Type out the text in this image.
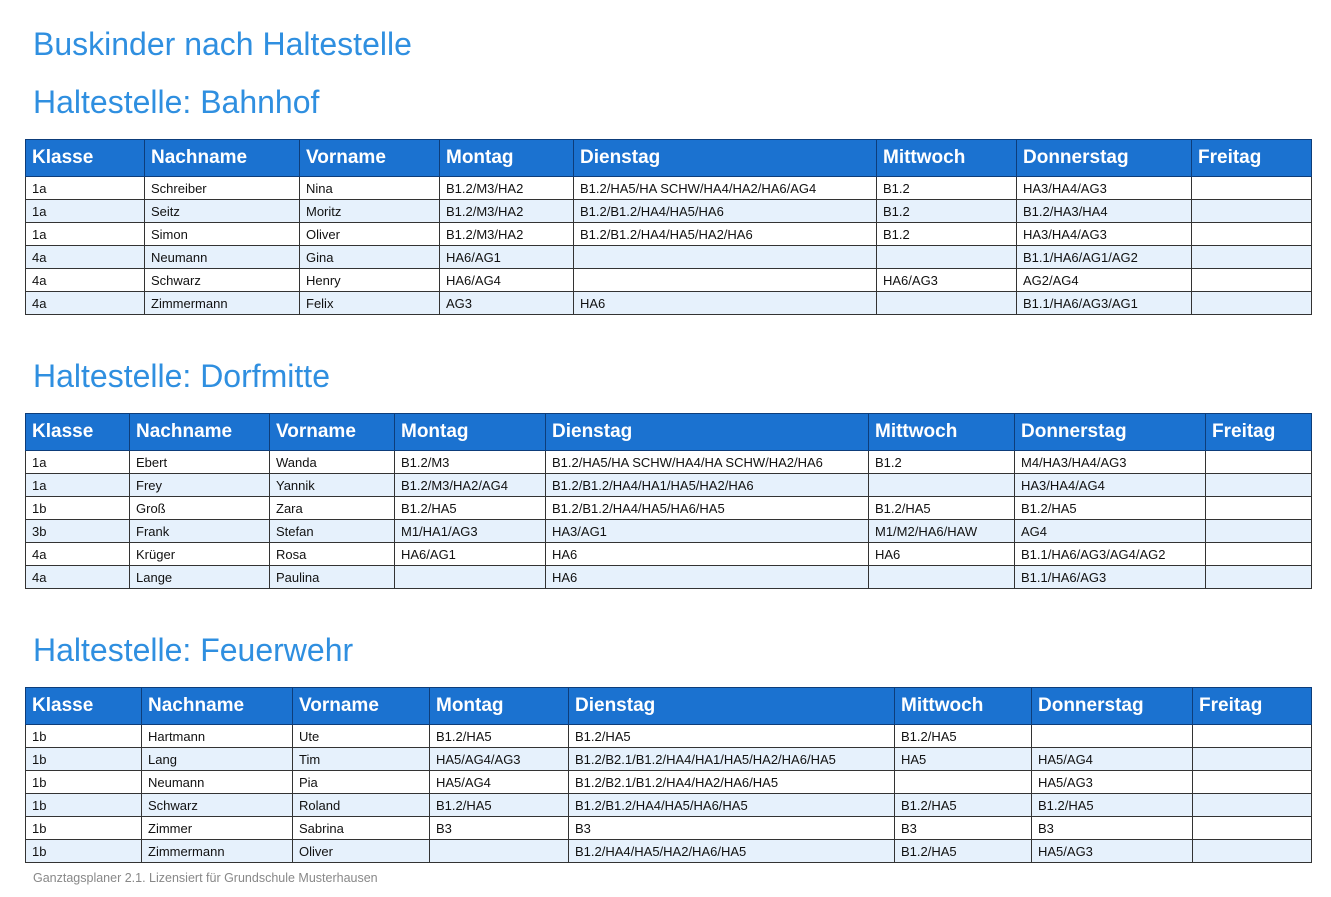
Buskinder nach Haltestelle
Haltestelle: Bahnhof
Klasse	Nachname	Vorname	Montag	Dienstag	Mittwoch	Donnerstag	Freitag
1a	Schreiber	Nina	B1.2/M3/HA2	B1.2/HA5/HA SCHW/HA4/HA2/HA6/AG4	B1.2	HA3/HA4/AG3	
1a	Seitz	Moritz	B1.2/M3/HA2	B1.2/B1.2/HA4/HA5/HA6	B1.2	B1.2/HA3/HA4	
1a	Simon	Oliver	B1.2/M3/HA2	B1.2/B1.2/HA4/HA5/HA2/HA6	B1.2	HA3/HA4/AG3	
4a	Neumann	Gina	HA6/AG1			B1.1/HA6/AG1/AG2	
4a	Schwarz	Henry	HA6/AG4		HA6/AG3	AG2/AG4	
4a	Zimmermann	Felix	AG3	HA6		B1.1/HA6/AG3/AG1	
Haltestelle: Dorfmitte
Klasse	Nachname	Vorname	Montag	Dienstag	Mittwoch	Donnerstag	Freitag
1a	Ebert	Wanda	B1.2/M3	B1.2/HA5/HA SCHW/HA4/HA SCHW/HA2/HA6	B1.2	M4/HA3/HA4/AG3	
1a	Frey	Yannik	B1.2/M3/HA2/AG4	B1.2/B1.2/HA4/HA1/HA5/HA2/HA6		HA3/HA4/AG4	
1b	Groß	Zara	B1.2/HA5	B1.2/B1.2/HA4/HA5/HA6/HA5	B1.2/HA5	B1.2/HA5	
3b	Frank	Stefan	M1/HA1/AG3	HA3/AG1	M1/M2/HA6/HAW	AG4	
4a	Krüger	Rosa	HA6/AG1	HA6	HA6	B1.1/HA6/AG3/AG4/AG2	
4a	Lange	Paulina		HA6		B1.1/HA6/AG3	
Haltestelle: Feuerwehr
Klasse	Nachname	Vorname	Montag	Dienstag	Mittwoch	Donnerstag	Freitag
1b	Hartmann	Ute	B1.2/HA5	B1.2/HA5	B1.2/HA5		
1b	Lang	Tim	HA5/AG4/AG3	B1.2/B2.1/B1.2/HA4/HA1/HA5/HA2/HA6/HA5	HA5	HA5/AG4	
1b	Neumann	Pia	HA5/AG4	B1.2/B2.1/B1.2/HA4/HA2/HA6/HA5		HA5/AG3	
1b	Schwarz	Roland	B1.2/HA5	B1.2/B1.2/HA4/HA5/HA6/HA5	B1.2/HA5	B1.2/HA5	
1b	Zimmer	Sabrina	B3	B3	B3	B3	
1b	Zimmermann	Oliver		B1.2/HA4/HA5/HA2/HA6/HA5	B1.2/HA5	HA5/AG3	
Ganztagsplaner 2.1. Lizensiert für Grundschule Musterhausen
